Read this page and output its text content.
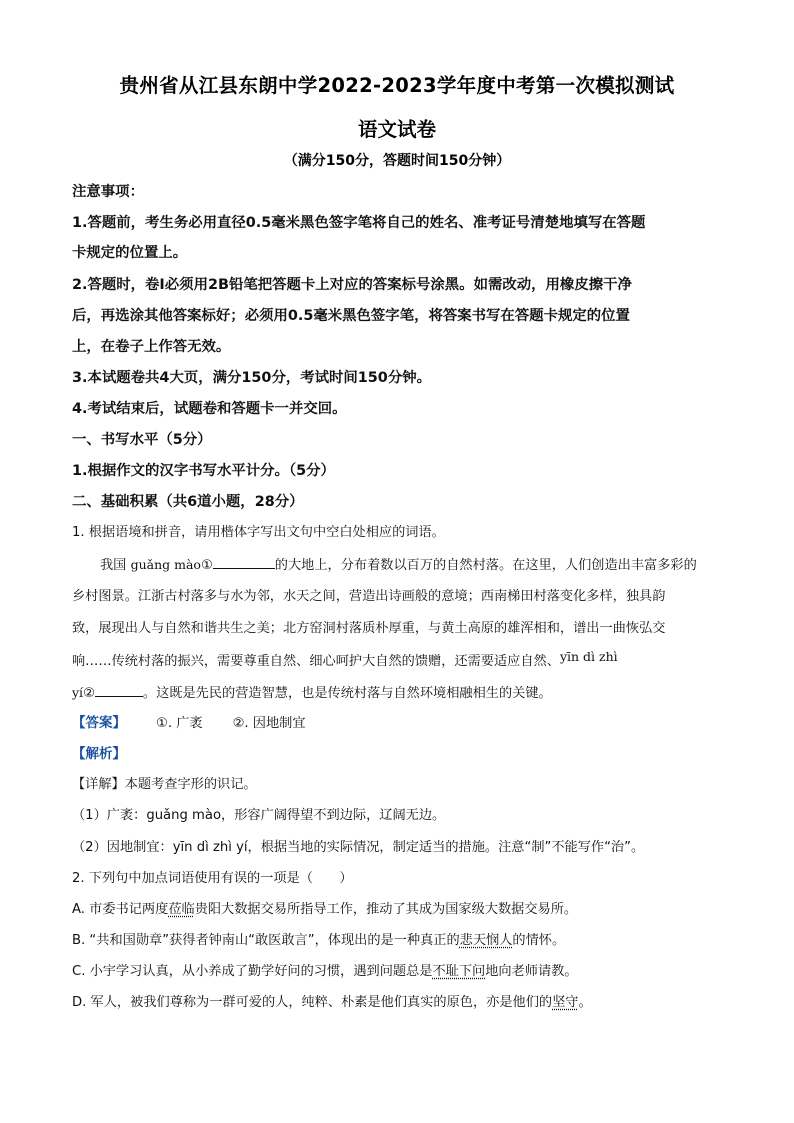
贵州省从江县东朗中学2022-2023学年度中考第一次模拟测试
语文试卷
（满分150分，答题时间150分钟）
注意事项：
1.答题前，考生务必用直径0.5毫米黑色签字笔将自己的姓名、准考证号清楚地填写在答题
卡规定的位置上。
2.答题时，卷Ⅰ必须用2B铅笔把答题卡上对应的答案标号涂黑。如需改动，用橡皮擦干净
后，再选涂其他答案标好；必须用0.5毫米黑色签字笔，将答案书写在答题卡规定的位置
上，在卷子上作答无效。
3.本试题卷共4大页，满分150分，考试时间150分钟。
4.考试结束后，试题卷和答题卡一并交回。
一、书写水平（5分）
1.根据作文的汉字书写水平计分。（5分）
二、基础积累（共6道小题，28分）
1. 根据语境和拼音，请用楷体字写出文句中空白处相应的词语。
我国 guǎng mào①	的大地上，分布着数以百万的自然村落。在这里，人们创造出丰富多彩的
乡村图景。江浙古村落多与水为邻，水天之间，营造出诗画般的意境；西南梯田村落变化多样，独具韵
致，展现出人与自然和谐共生之美；北方窑洞村落质朴厚重，与黄土高原的雄浑相和，谱出一曲恢弘交
响……传统村落的振兴，需要尊重自然、细心呵护大自然的馈赠，还需要适应自然、yīn dì zhì
yí②	。这既是先民的营造智慧，也是传统村落与自然环境相融相生的关键。
【答案】 ①. 广袤 ②. 因地制宜
【解析】
【详解】本题考查字形的识记。
（1）广袤：guǎng mào，形容广阔得望不到边际，辽阔无边。
（2）因地制宜：yīn dì zhì yí，根据当地的实际情况，制定适当的措施。注意“制”不能写作“治”。
2. 下列句中加点词语使用有误的一项是（　　）
A. 市委书记两度莅临贵阳大数据交易所指导工作，推动了其成为国家级大数据交易所。
B. “共和国勋章”获得者钟南山“敢医敢言”，体现出的是一种真正的悲天悯人的情怀。
C. 小宇学习认真，从小养成了勤学好问的习惯，遇到问题总是不耻下问地向老师请教。
D. 军人，被我们尊称为一群可爱的人，纯粹、朴素是他们真实的原色，亦是他们的坚守。
